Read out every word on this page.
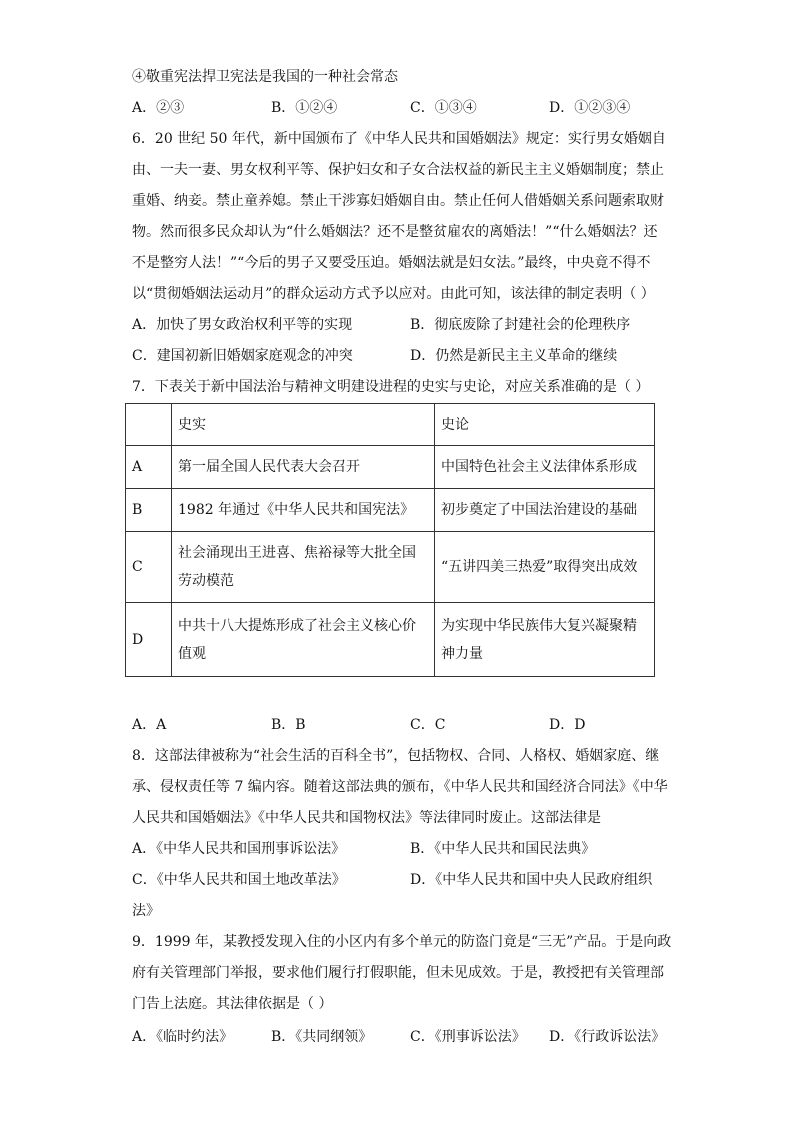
④敬重宪法捍卫宪法是我国的一种社会常态
A．②③	B．①②④	C．①③④	D．①②③④
6．20 世纪 50 年代，新中国颁布了《中华人民共和国婚姻法》规定：实行男女婚姻自
由、一夫一妻、男女权利平等、保护妇女和子女合法权益的新民主主义婚姻制度；禁止
重婚、纳妾。禁止童养媳。禁止干涉寡妇婚姻自由。禁止任何人借婚姻关系问题索取财
物。然而很多民众却认为“什么婚姻法？还不是整贫雇农的离婚法！”“什么婚姻法？还
不是整穷人法！”“今后的男子又要受压迫。婚姻法就是妇女法。”最终，中央竟不得不
以“贯彻婚姻法运动月”的群众运动方式予以应对。由此可知，该法律的制定表明（ ）
A．加快了男女政治权利平等的实现	B．彻底废除了封建社会的伦理秩序
C．建国初新旧婚姻家庭观念的冲突	D．仍然是新民主主义革命的继续
7．下表关于新中国法治与精神文明建设进程的史实与史论，对应关系准确的是（ ）
	史实	史论
A	第一届全国人民代表大会召开	中国特色社会主义法律体系形成
B	1982 年通过《中华人民共和国宪法》	初步奠定了中国法治建设的基础
C	社会涌现出王进喜、焦裕禄等大批全国劳动模范	“五讲四美三热爱”取得突出成效
D	中共十八大提炼形成了社会主义核心价值观	为实现中华民族伟大复兴凝聚精神力量
A．A	B．B	C．C	D．D
8．这部法律被称为“社会生活的百科全书”，包括物权、合同、人格权、婚姻家庭、继
承、侵权责任等 7 编内容。随着这部法典的颁布，《中华人民共和国经济合同法》《中华
人民共和国婚姻法》《中华人民共和国物权法》等法律同时废止。这部法律是
A．《中华人民共和国刑事诉讼法》	B．《中华人民共和国民法典》
C．《中华人民共和国土地改革法》	D．《中华人民共和国中央人民政府组织
法》
9．1999 年，某教授发现入住的小区内有多个单元的防盗门竟是“三无”产品。于是向政
府有关管理部门举报，要求他们履行打假职能，但未见成效。于是，教授把有关管理部
门告上法庭。其法律依据是（ ）
A．《临时约法》	B．《共同纲领》	C．《刑事诉讼法》 D．《行政诉讼法》
